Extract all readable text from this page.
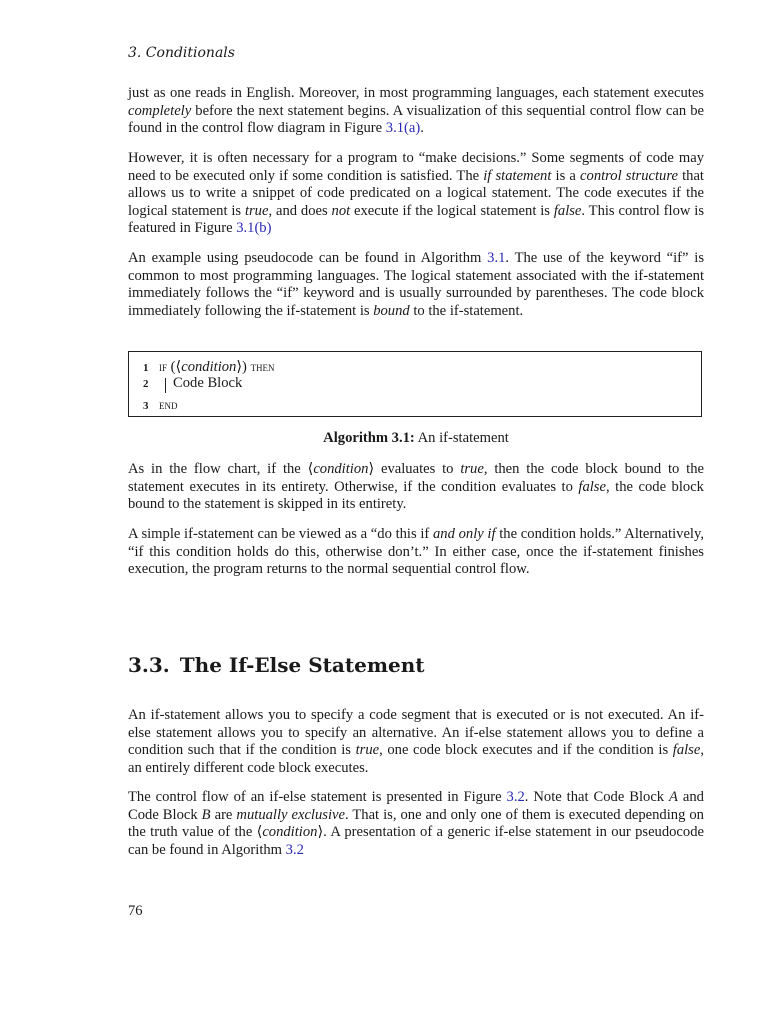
3. Conditionals

just as one reads in English. Moreover, in most programming languages, each statement executes completely before the next statement begins. A visualization of this sequential control flow can be found in the control flow diagram in Figure 3.1(a).

However, it is often necessary for a program to “make decisions.” Some segments of code may need to be executed only if some condition is satisfied. The if statement is a control structure that allows us to write a snippet of code predicated on a logical statement. The code executes if the logical statement is true, and does not execute if the logical statement is false. This control flow is featured in Figure 3.1(b)

An example using pseudocode can be found in Algorithm 3.1. The use of the keyword “if” is common to most programming languages. The logical statement associated with the if-statement immediately follows the “if” keyword and is usually surrounded by parentheses. The code block immediately following the if-statement is bound to the if-statement.

1 if (⟨condition⟩) then
2 Code Block
3 end
Algorithm 3.1: An if-statement

As in the flow chart, if the ⟨condition⟩ evaluates to true, then the code block bound to the statement executes in its entirety. Otherwise, if the condition evaluates to false, the code block bound to the statement is skipped in its entirety.

A simple if-statement can be viewed as a “do this if and only if the condition holds.” Alternatively, “if this condition holds do this, otherwise don’t.” In either case, once the if-statement finishes execution, the program returns to the normal sequential control flow.

3.3. The If-Else Statement

An if-statement allows you to specify a code segment that is executed or is not executed. An if-else statement allows you to specify an alternative. An if-else statement allows you to define a condition such that if the condition is true, one code block executes and if the condition is false, an entirely different code block executes.

The control flow of an if-else statement is presented in Figure 3.2. Note that Code Block A and Code Block B are mutually exclusive. That is, one and only one of them is executed depending on the truth value of the ⟨condition⟩. A presentation of a generic if-else statement in our pseudocode can be found in Algorithm 3.2

76
